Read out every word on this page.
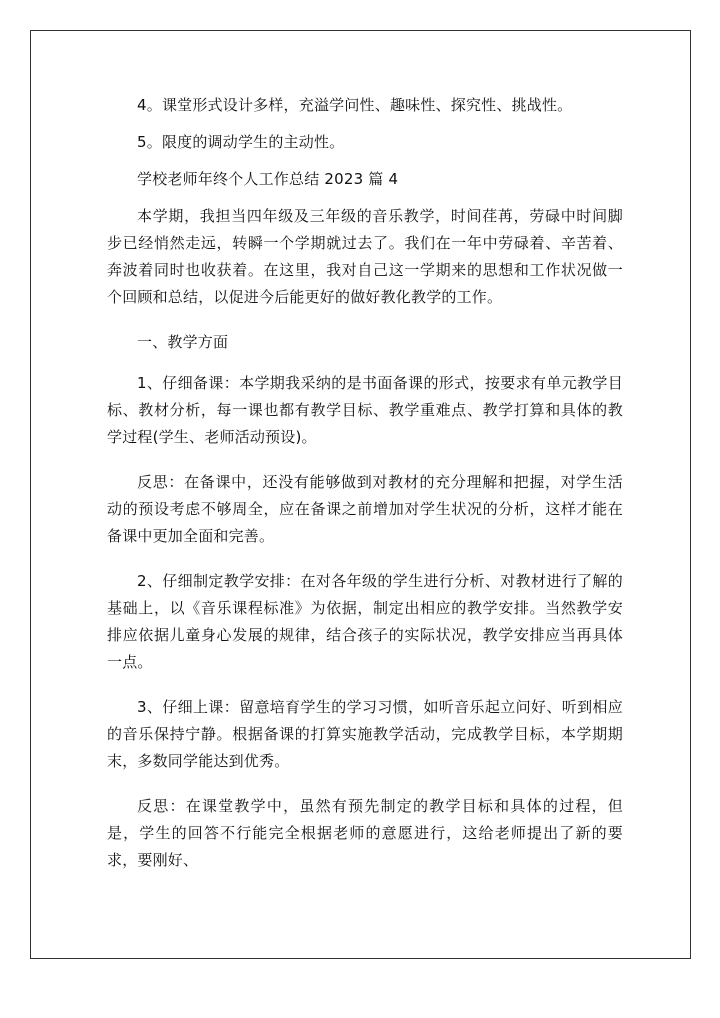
4。课堂形式设计多样，充溢学问性、趣味性、探究性、挑战性。

5。限度的调动学生的主动性。

学校老师年终个人工作总结 2023 篇 4

本学期，我担当四年级及三年级的音乐教学，时间荏苒，劳碌中时间脚步已经悄然走远，转瞬一个学期就过去了。我们在一年中劳碌着、辛苦着、奔波着同时也收获着。在这里，我对自己这一学期来的思想和工作状况做一个回顾和总结，以促进今后能更好的做好教化教学的工作。

一、教学方面

1、仔细备课：本学期我采纳的是书面备课的形式，按要求有单元教学目标、教材分析，每一课也都有教学目标、教学重难点、教学打算和具体的教学过程(学生、老师活动预设)。

反思：在备课中，还没有能够做到对教材的充分理解和把握，对学生活动的预设考虑不够周全，应在备课之前增加对学生状况的分析，这样才能在备课中更加全面和完善。

2、仔细制定教学安排：在对各年级的学生进行分析、对教材进行了解的基础上，以《音乐课程标准》为依据，制定出相应的教学安排。当然教学安排应依据儿童身心发展的规律，结合孩子的实际状况，教学安排应当再具体一点。

3、仔细上课：留意培育学生的学习习惯，如听音乐起立问好、听到相应的音乐保持宁静。根据备课的打算实施教学活动，完成教学目标，本学期期末，多数同学能达到优秀。

反思：在课堂教学中，虽然有预先制定的教学目标和具体的过程，但是，学生的回答不行能完全根据老师的意愿进行，这给老师提出了新的要求，要刚好、
